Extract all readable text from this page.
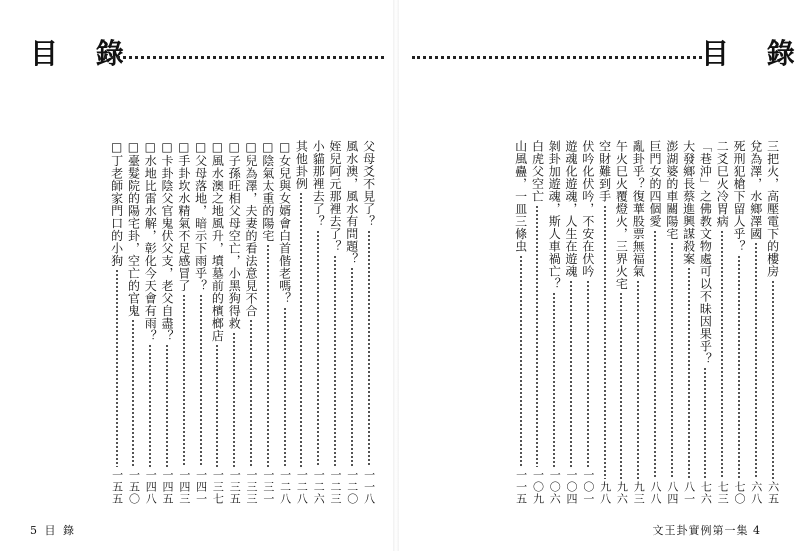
目 錄
父母爻不見了？
一一八
風水澳，風水有問題？
一二〇
姪兒阿元那裡去了？
一二三
小貓那裡去了？
一二六
其他卦例
一二八
□女兒與女婿會白首偕老嗎？
一二八
□陰氣太重的陽宅
一三一
□兒為澤，夫妻的看法意見不合
一三三
□子孫旺相父母空亡，小黑狗得救
一三五
□風水澳之地風升，墳墓前的檳榔店
一三七
□父母落地，暗示下雨乎？
一四一
□手卦坎水精氣不足感冒了
一四三
□卡卦陰父官鬼伏父支，老父自盡？
一四五
□水地比雷水解，彰化今天會有雨？
一四八
□臺髮院的陽宅卦，空亡的官鬼
一五〇
□丁老師家門口的小狗
一五五
5 目 錄
目 錄
三把火，高壓電下的樓房
六五
兌為澤，水鄉澤國
六八
死刑犯槍下留人乎？
七〇
二爻巳火冷胃病
七三
「巷沖」之佛教文物處可以不昧因果乎？
七六
大發鄉長蔡進興謀殺案
八一
澎湖婆的車關陽宅
八四
巨門女的四個愛
八八
亂卦乎？復華股票無福氣
九三
午火巳火覆燈火，三界火宅
九六
空財難到手
九八
伏吟化伏吟，不安在伏吟
一〇一
遊魂化遊魂，人生在遊魂
一〇四
剝卦加遊魂，斯人車禍亡？
一〇六
白虎父空亡
一〇九
山風蠱，一皿三條虫
一一五
文王卦實例第一集 4
